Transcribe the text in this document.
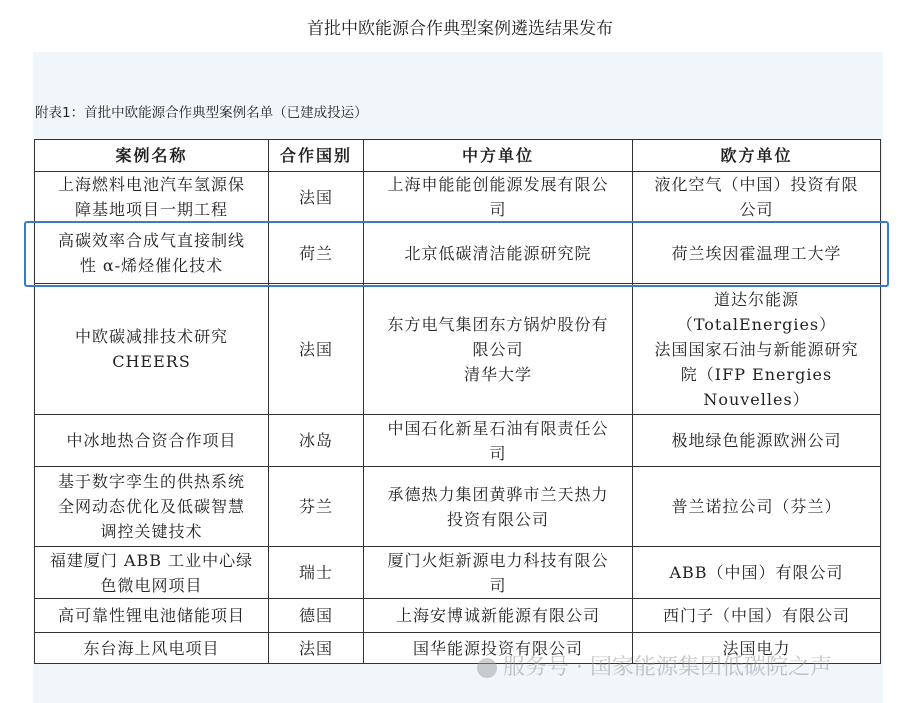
首批中欧能源合作典型案例遴选结果发布
附表1：首批中欧能源合作典型案例名单（已建成投运）
案例名称	合作国别	中方单位	欧方单位

上海燃料电池汽车氢源保
障基地项目一期工程	法国	上海申能能创能源发展有限公
司	液化空气（中国）投资有限
公司

高碳效率合成气直接制线
性 α-烯烃催化技术	荷兰	北京低碳清洁能源研究院	荷兰埃因霍温理工大学

中欧碳减排技术研究
CHEERS	法国	东方电气集团东方锅炉股份有
限公司
清华大学	道达尔能源
（TotalEnergies）
法国国家石油与新能源研究
院（IFP Energies
Nouvelles）

中冰地热合资合作项目	冰岛	中国石化新星石油有限责任公
司	极地绿色能源欧洲公司

基于数字孪生的供热系统
全网动态优化及低碳智慧
调控关键技术	芬兰	承德热力集团黄骅市兰天热力
投资有限公司	普兰诺拉公司（芬兰）

福建厦门 ABB 工业中心绿
色微电网项目	瑞士	厦门火炬新源电力科技有限公
司	ABB（中国）有限公司

高可靠性锂电池储能项目	德国	上海安博诚新能源有限公司	西门子（中国）有限公司

东台海上风电项目	法国	国华能源投资有限公司	法国电力
服务号 · 国家能源集团低碳院之声
